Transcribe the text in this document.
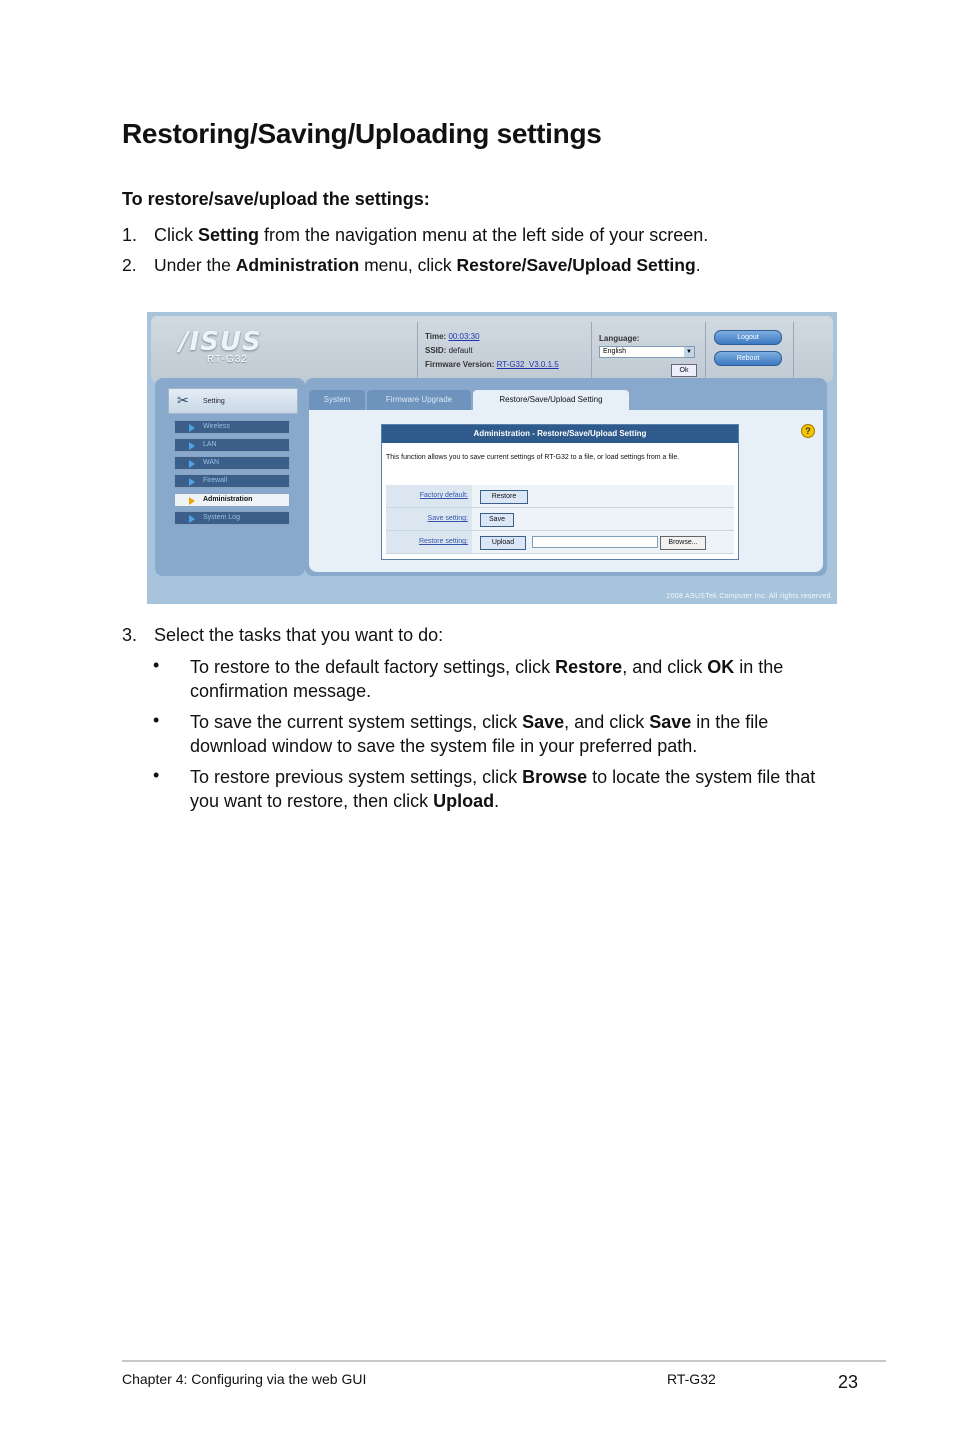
Restoring/Saving/Uploading settings
To restore/save/upload the settings:
1. Click Setting from the navigation menu at the left side of your screen.
2. Under the Administration menu, click Restore/Save/Upload Setting.
/ISUS
RT-G32
Time: 00:03:30
SSID: default
Firmware Version: RT-G32_V3.0.1.5
Language:
English	▼
Ok
Logout
Reboot
✂ Setting
Wireless
LAN
WAN
Firewall
Administration
System Log
System	Firmware Upgrade	Restore/Save/Upload Setting
?
Administration - Restore/Save/Upload Setting
This function allows you to save current settings of RT-G32 to a file, or load settings from a file.
Factory default:	Restore
Save setting:	Save
Restore setting:	Upload	Browse...
2008 ASUSTek Computer Inc. All rights reserved.
3. Select the tasks that you want to do:
• To restore to the default factory settings, click Restore, and click OK in the confirmation message.
• To save the current system settings, click Save, and click Save in the file download window to save the system file in your preferred path.
• To restore previous system settings, click Browse to locate the system file that you want to restore, then click Upload.
Chapter 4: Configuring via the web GUI	RT-G32	23
